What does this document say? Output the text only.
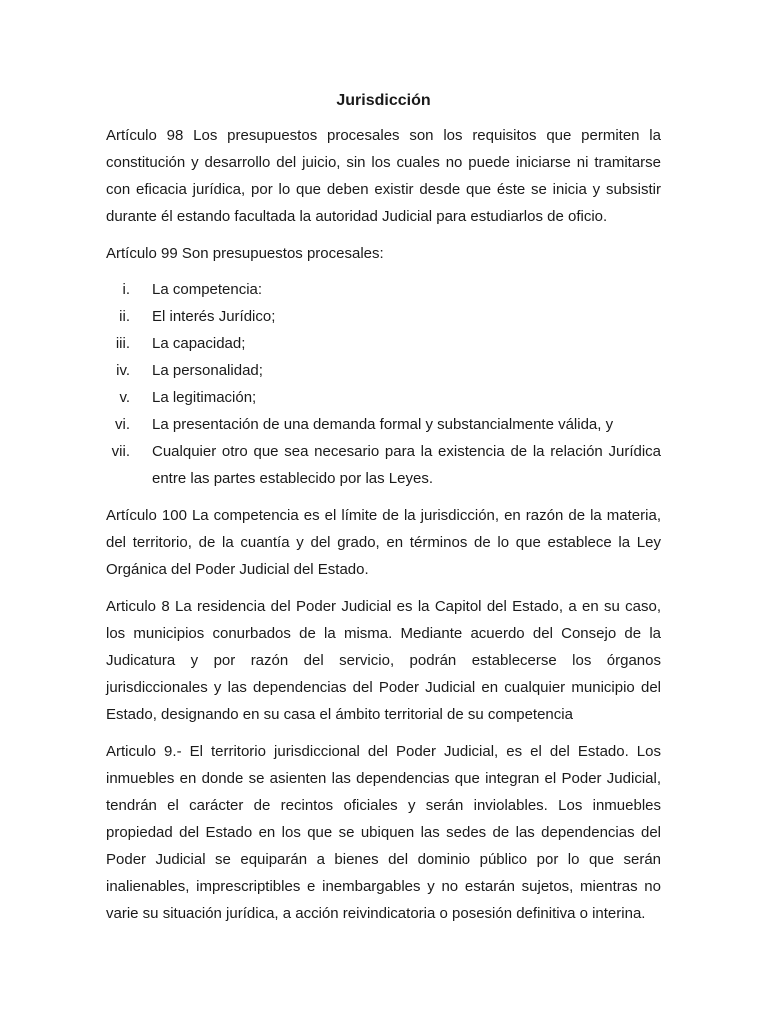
Jurisdicción

Artículo 98 Los presupuestos procesales son los requisitos que permiten la constitución y desarrollo del juicio, sin los cuales no puede iniciarse ni tramitarse con eficacia jurídica, por lo que deben existir desde que éste se inicia y subsistir durante él estando facultada la autoridad Judicial para estudiarlos de oficio.

Artículo 99 Son presupuestos procesales:

i. La competencia:
ii. El interés Jurídico;
iii. La capacidad;
iv. La personalidad;
v. La legitimación;
vi. La presentación de una demanda formal y substancialmente válida, y
vii. Cualquier otro que sea necesario para la existencia de la relación Jurídica entre las partes establecido por las Leyes.

Artículo 100 La competencia es el límite de la jurisdicción, en razón de la materia, del territorio, de la cuantía y del grado, en términos de lo que establece la Ley Orgánica del Poder Judicial del Estado.

Articulo 8 La residencia del Poder Judicial es la Capitol del Estado, a en su caso, los municipios conurbados de la misma. Mediante acuerdo del Consejo de la Judicatura y por razón del servicio, podrán establecerse los órganos jurisdiccionales y las dependencias del Poder Judicial en cualquier municipio del Estado, designando en su casa el ámbito territorial de su competencia

Articulo 9.- El territorio jurisdiccional del Poder Judicial, es el del Estado. Los inmuebles en donde se asienten las dependencias que integran el Poder Judicial, tendrán el carácter de recintos oficiales y serán inviolables. Los inmuebles propiedad del Estado en los que se ubiquen las sedes de las dependencias del Poder Judicial se equiparán a bienes del dominio público por lo que serán inalienables, imprescriptibles e inembargables y no estarán sujetos, mientras no varie su situación jurídica, a acción reivindicatoria o posesión definitiva o interina.
